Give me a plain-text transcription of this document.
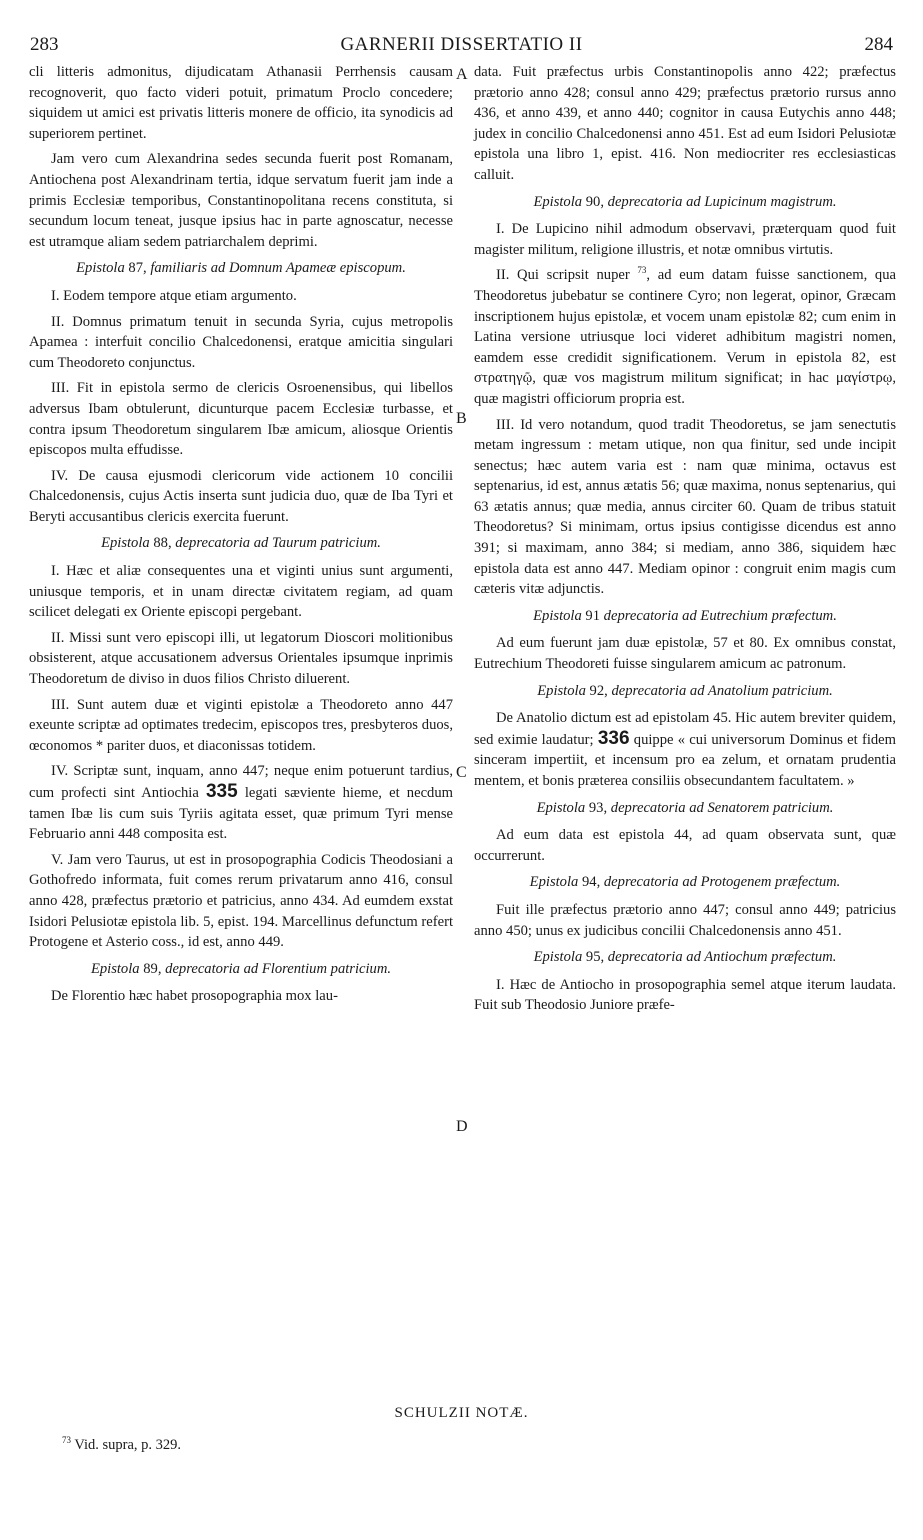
283	GARNERII DISSERTATIO II	284

cli litteris admonitus, dijudicatam Athanasii Perrhensis causam recognoverit, quo facto videri potuit, primatum Proclo concedere; siquidem ut amici est privatis litteris monere de officio, ita synodicis ad superiorem pertinet.

Jam vero cum Alexandrina sedes secunda fuerit post Romanam, Antiochena post Alexandrinam tertia, idque servatum fuerit jam inde a primis Ecclesiæ temporibus, Constantinopolitana recens constituta, si secundum locum teneat, jusque ipsius hac in parte agnoscatur, necesse est utramque aliam sedem patriarchalem deprimi.

Epistola 87, familiaris ad Domnum Apameæ episcopum.

I. Eodem tempore atque etiam argumento.

II. Domnus primatum tenuit in secunda Syria, cujus metropolis Apamea : interfuit concilio Chalcedonensi, eratque amicitia singulari cum Theodoreto conjunctus.

III. Fit in epistola sermo de clericis Osroenensibus, qui libellos adversus Ibam obtulerunt, dicunturque pacem Ecclesiæ turbasse, et contra ipsum Theodoretum singularem Ibæ amicum, aliosque Orientis episcopos multa effudisse.

IV. De causa ejusmodi clericorum vide actionem 10 concilii Chalcedonensis, cujus Actis inserta sunt judicia duo, quæ de Iba Tyri et Beryti accusantibus clericis exercita fuerunt.

Epistola 88, deprecatoria ad Taurum patricium.

I. Hæc et aliæ consequentes una et viginti unius sunt argumenti, uniusque temporis, et in unam directæ civitatem regiam, ad quam scilicet delegati ex Oriente episcopi pergebant.

II. Missi sunt vero episcopi illi, ut legatorum Dioscori molitionibus obsisterent, atque accusationem adversus Orientales ipsumque inprimis Theodoretum de diviso in duos filios Christo diluerent.

III. Sunt autem duæ et viginti epistolæ a Theodoreto anno 447 exeunte scriptæ ad optimates tredecim, episcopos tres, presbyteros duos, œconomos * pariter duos, et diaconissas totidem.

IV. Scriptæ sunt, inquam, anno 447; neque enim potuerunt tardius, cum profecti sint Antiochia 335 legati sæviente hieme, et necdum tamen Ibæ lis cum suis Tyriis agitata esset, quæ primum Tyri mense Februario anni 448 composita est.

V. Jam vero Taurus, ut est in prosopographia Codicis Theodosiani a Gothofredo informata, fuit comes rerum privatarum anno 416, consul anno 428, præfectus prætorio et patricius, anno 434. Ad eumdem exstat Isidori Pelusiotæ epistola lib. 5, epist. 194. Marcellinus defunctum refert Protogene et Asterio coss., id est, anno 449.

Epistola 89, deprecatoria ad Florentium patricium.

De Florentio hæc habet prosopographia mox lau-

data. Fuit præfectus urbis Constantinopolis anno 422; præfectus prætorio anno 428; consul anno 429; præfectus prætorio rursus anno 436, et anno 439, et anno 440; cognitor in causa Eutychis anno 448; judex in concilio Chalcedonensi anno 451. Est ad eum Isidori Pelusiotæ epistola una libro 1, epist. 416. Non mediocriter res ecclesiasticas calluit.

Epistola 90, deprecatoria ad Lupicinum magistrum.

I. De Lupicino nihil admodum observavi, præterquam quod fuit magister militum, religione illustris, et notæ omnibus virtutis.

II. Qui scripsit nuper $^{73}$, ad eum datam fuisse sanctionem, qua Theodoretus jubebatur se continere Cyro; non legerat, opinor, Græcam inscriptionem hujus epistolæ, et vocem unam epistolæ 82; cum enim in Latina versione utriusque loci videret adhibitum magistri nomen, eamdem esse credidit significationem. Verum in epistola 82, est στρατηγῷ, quæ vos magistrum militum significat; in hac μαγίστρῳ, quæ magistri officiorum propria est.

III. Id vero notandum, quod tradit Theodoretus, se jam senectutis metam ingressum : metam utique, non qua finitur, sed unde incipit senectus; hæc autem varia est : nam quæ minima, octavus est septenarius, id est, annus ætatis 56; quæ maxima, nonus septenarius, qui 63 ætatis annus; quæ media, annus circiter 60. Quam de tribus statuit Theodoretus? Si minimam, ortus ipsius contigisse dicendus est anno 391; si maximam, anno 384; si mediam, anno 386, siquidem hæc epistola data est anno 447. Mediam opinor : congruit enim magis cum cæteris vitæ adjunctis.

Epistola 91 deprecatoria ad Eutrechium præfectum.

Ad eum fuerunt jam duæ epistolæ, 57 et 80. Ex omnibus constat, Eutrechium Theodoreti fuisse singularem amicum ac patronum.

Epistola 92, deprecatoria ad Anatolium patricium.

De Anatolio dictum est ad epistolam 45. Hic autem breviter quidem, sed eximie laudatur; 336 quippe « cui universorum Dominus et fidem sinceram impertiit, et incensum pro ea zelum, et ornatam prudentia mentem, et bonis præterea consiliis obsecundantem facultatem. »

Epistola 93, deprecatoria ad Senatorem patricium.

Ad eum data est epistola 44, ad quam observata sunt, quæ occurrerunt.

Epistola 94, deprecatoria ad Protogenem præfectum.

Fuit ille præfectus prætorio anno 447; consul anno 449; patricius anno 450; unus ex judicibus concilii Chalcedonensis anno 451.

Epistola 95, deprecatoria ad Antiochum præfectum.

I. Hæc de Antiocho in prosopographia semel atque iterum laudata. Fuit sub Theodosio Juniore præfe-

A
B
C
D
SCHULZII NOTÆ.
$^{73}$ Vid. supra, p. 329.
